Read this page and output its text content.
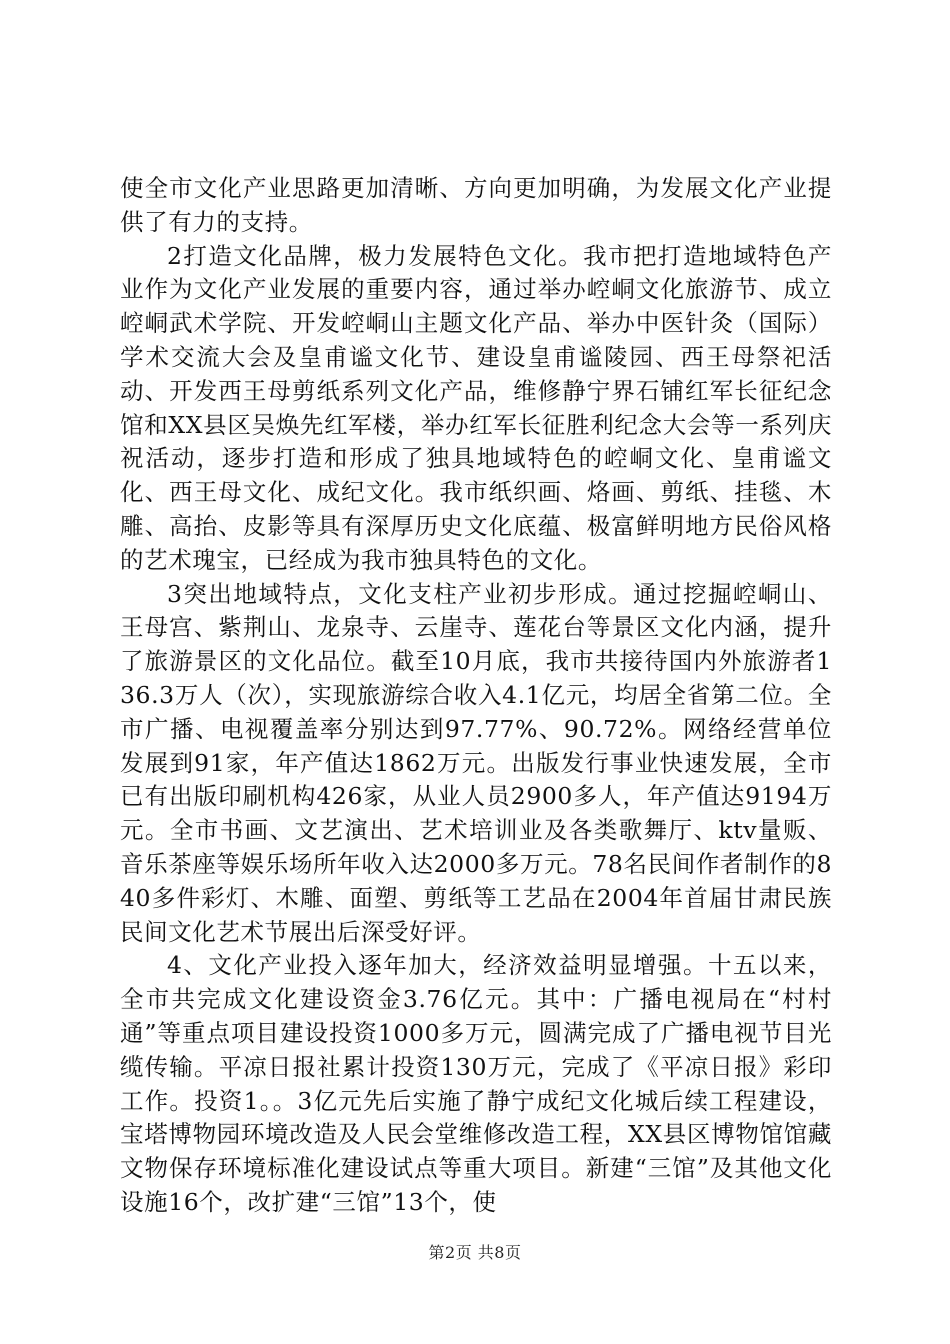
使全市文化产业思路更加清晰、方向更加明确，为发展文化产业提供了有力的支持。

2打造文化品牌，极力发展特色文化。我市把打造地域特色产业作为文化产业发展的重要内容，通过举办崆峒文化旅游节、成立崆峒武术学院、开发崆峒山主题文化产品、举办中医针灸（国际）学术交流大会及皇甫谧文化节、建设皇甫谧陵园、西王母祭祀活动、开发西王母剪纸系列文化产品，维修静宁界石铺红军长征纪念馆和XX县区吴焕先红军楼，举办红军长征胜利纪念大会等一系列庆祝活动，逐步打造和形成了独具地域特色的崆峒文化、皇甫谧文化、西王母文化、成纪文化。我市纸织画、烙画、剪纸、挂毯、木雕、高抬、皮影等具有深厚历史文化底蕴、极富鲜明地方民俗风格的艺术瑰宝，已经成为我市独具特色的文化。

3突出地域特点，文化支柱产业初步形成。通过挖掘崆峒山、王母宫、紫荆山、龙泉寺、云崖寺、莲花台等景区文化内涵，提升了旅游景区的文化品位。截至10月底，我市共接待国内外旅游者136.3万人（次），实现旅游综合收入4.1亿元，均居全省第二位。全市广播、电视覆盖率分别达到97.77%、90.72%。网络经营单位发展到91家，年产值达1862万元。出版发行事业快速发展，全市已有出版印刷机构426家，从业人员2900多人，年产值达9194万元。全市书画、文艺演出、艺术培训业及各类歌舞厅、ktv量贩、音乐茶座等娱乐场所年收入达2000多万元。78名民间作者制作的840多件彩灯、木雕、面塑、剪纸等工艺品在2004年首届甘肃民族民间文化艺术节展出后深受好评。

4、文化产业投入逐年加大，经济效益明显增强。十五以来，全市共完成文化建设资金3.76亿元。其中：广播电视局在“村村通”等重点项目建设投资1000多万元，圆满完成了广播电视节目光缆传输。平凉日报社累计投资130万元，完成了《平凉日报》彩印工作。投资1。。3亿元先后实施了静宁成纪文化城后续工程建设，宝塔博物园环境改造及人民会堂维修改造工程，XX县区博物馆馆藏文物保存环境标准化建设试点等重大项目。新建“三馆”及其他文化设施16个，改扩建“三馆”13个，使

第2页 共8页
